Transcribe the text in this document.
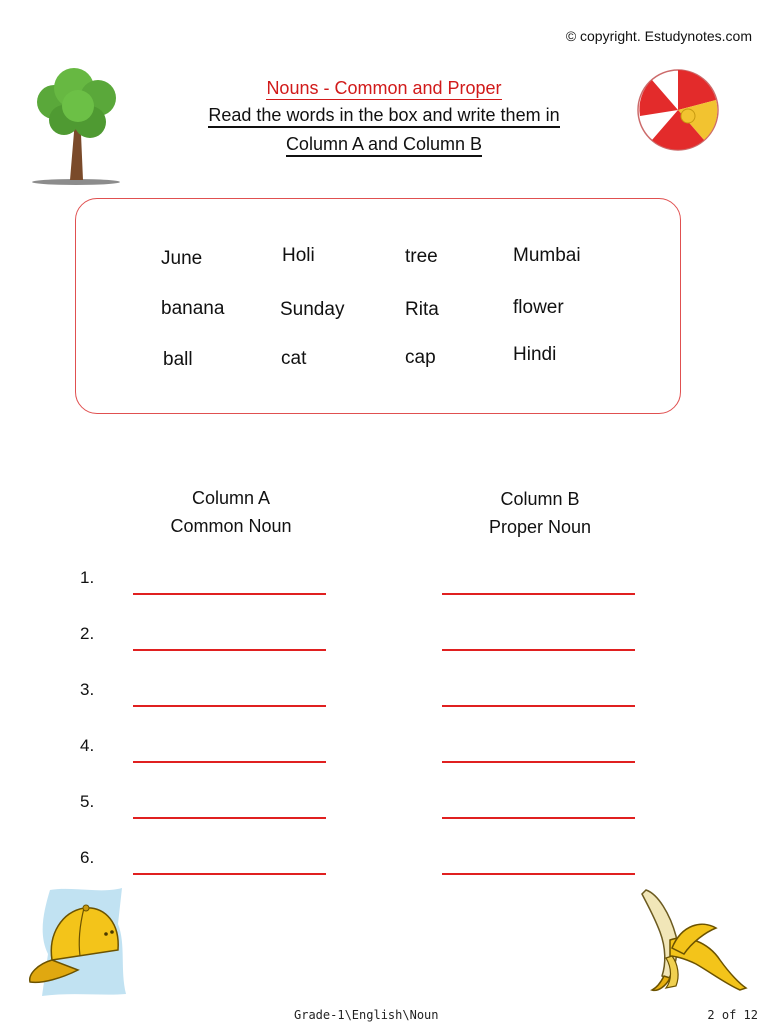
© copyright. Estudynotes.com
Nouns - Common and Proper
Read the words in the box and write them in
Column A and Column B
June	Holi	tree	Mumbai
banana	Sunday	Rita	flower
ball	cat	cap	Hindi
Column A
Common Noun
Column B
Proper Noun
1.
2.
3.
4.
5.
6.
Grade-1\English\Noun	2 of 12
